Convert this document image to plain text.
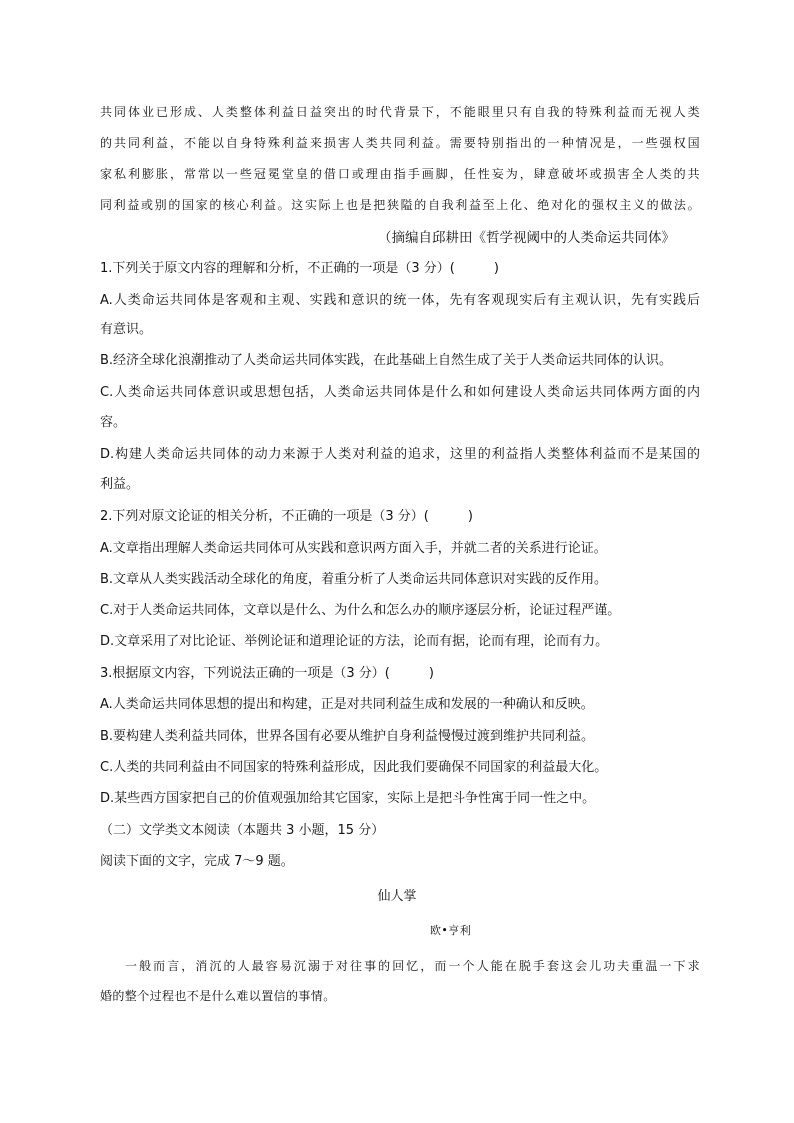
共同体业已形成、人类整体利益日益突出的时代背景下，不能眼里只有自我的特殊利益而无视人类
的共同利益，不能以自身特殊利益来损害人类共同利益。需要特别指出的一种情况是，一些强权国
家私利膨胀，常常以一些冠冕堂皇的借口或理由指手画脚，任性妄为，肆意破坏或损害全人类的共
同利益或别的国家的核心利益。这实际上也是把狭隘的自我利益至上化、绝对化的强权主义的做法。
（摘编自邱耕田《哲学视阈中的人类命运共同体》
1.下列关于原文内容的理解和分析，不正确的一项是（3 分）(　　　)
A.人类命运共同体是客观和主观、实践和意识的统一体，先有客观现实后有主观认识，先有实践后
有意识。
B.经济全球化浪潮推动了人类命运共同体实践，在此基础上自然生成了关于人类命运共同体的认识。
C.人类命运共同体意识或思想包括，人类命运共同体是什么和如何建设人类命运共同体两方面的内
容。
D.构建人类命运共同体的动力来源于人类对利益的追求，这里的利益指人类整体利益而不是某国的
利益。
2.下列对原文论证的相关分析，不正确的一项是（3 分）(　　　)
A.文章指出理解人类命运共同体可从实践和意识两方面入手，并就二者的关系进行论证。
B.文章从人类实践活动全球化的角度，着重分析了人类命运共同体意识对实践的反作用。
C.对于人类命运共同体，文章以是什么、为什么和怎么办的顺序逐层分析，论证过程严谨。
D.文章采用了对比论证、举例论证和道理论证的方法，论而有据，论而有理，论而有力。
3.根据原文内容，下列说法正确的一项是（3 分）(　　　)
A.人类命运共同体思想的提出和构建，正是对共同利益生成和发展的一种确认和反映。
B.要构建人类利益共同体，世界各国有必要从维护自身利益慢慢过渡到维护共同利益。
C.人类的共同利益由不同国家的特殊利益形成，因此我们要确保不同国家的利益最大化。
D.某些西方国家把自己的价值观强加给其它国家，实际上是把斗争性寓于同一性之中。
（二）文学类文本阅读（本题共 3 小题，15 分）
阅读下面的文字，完成 7～9 题。
仙人掌
欧•亨利
一般而言，消沉的人最容易沉溺于对往事的回忆，而一个人能在脱手套这会儿功夫重温一下求
婚的整个过程也不是什么难以置信的事情。
